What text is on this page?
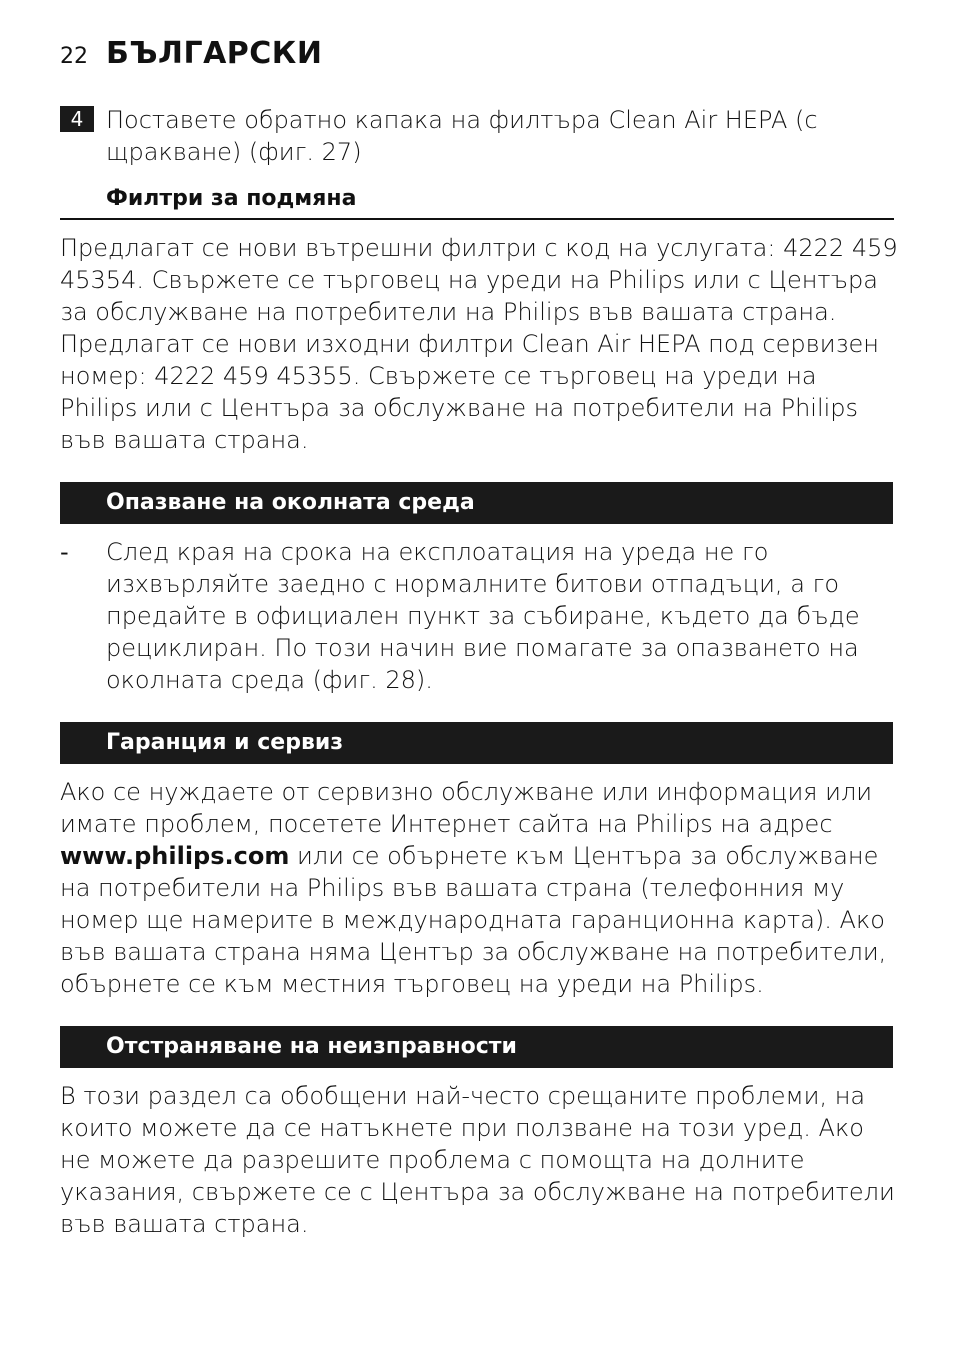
22 БЪЛГАРСКИ
4 Поставете обратно капака на филтъра Clean Air HEPA (с щракване) (фиг. 27)

Филтри за подмяна

Предлагат се нови вътрешни филтри с код на услугата: 4222 459 45354. Свържете се търговец на уреди на Philips или с Центъра за обслужване на потребители на Philips във вашата страна. Предлагат се нови изходни филтри Clean Air HEPA под сервизен номер: 4222 459 45355. Свържете се търговец на уреди на Philips или с Центъра за обслужване на потребители на Philips във вашата страна.

Опазване на околната среда
- След края на срока на експлоатация на уреда не го изхвърляйте заедно с нормалните битови отпадъци, а го предайте в официален пункт за събиране, където да бъде рециклиран. По този начин вие помагате за опазването на околната среда (фиг. 28).

Гаранция и сервиз

Ако се нуждаете от сервизно обслужване или информация или имате проблем, посетете Интернет сайта на Philips на адрес www.philips.com или се обърнете към Центъра за обслужване на потребители на Philips във вашата страна (телефонния му номер ще намерите в международната гаранционна карта). Ако във вашата страна няма Център за обслужване на потребители, обърнете се към местния търговец на уреди на Philips.

Отстраняване на неизправности

В този раздел са обобщени най-често срещаните проблеми, на които можете да се натъкнете при ползване на този уред. Ако не можете да разрешите проблема с помощта на долните указания, свържете се с Центъра за обслужване на потребители във вашата страна.
